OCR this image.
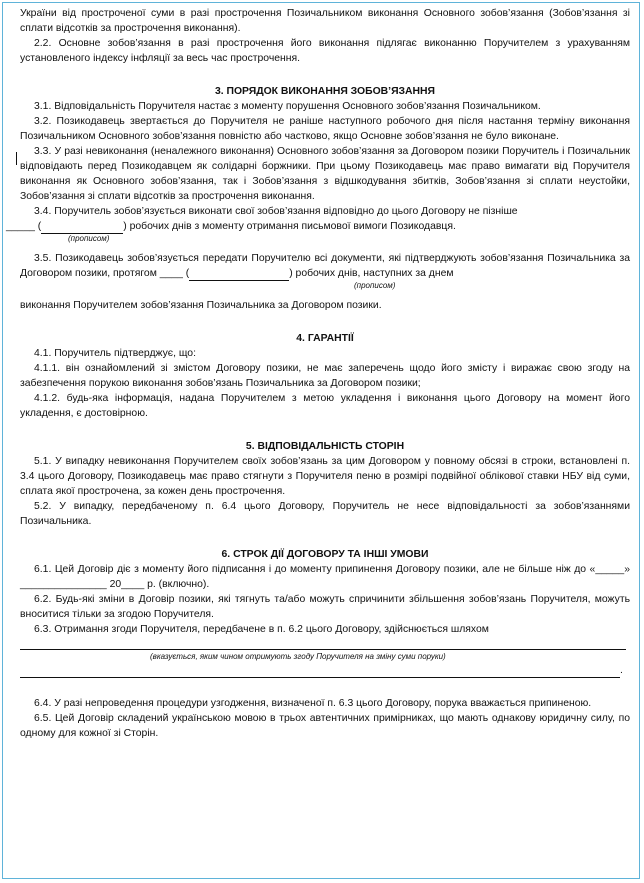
України від простроченої суми в разі прострочення Позичальником виконання Основного зобов’язання (Зобов’язання зі сплати відсотків за прострочення виконання).

2.2. Основне зобов’язання в разі прострочення його виконання підлягає виконанню Поручителем з урахуванням установленого індексу інфляції за весь час прострочення.

3. ПОРЯДОК ВИКОНАННЯ ЗОБОВ’ЯЗАННЯ

3.1. Відповідальність Поручителя настає з моменту порушення Основного зобов’язання Позичальником.

3.2. Позикодавець звертається до Поручителя не раніше наступного робочого дня після настання терміну виконання Позичальником Основного зобов’язання повністю або частково, якщо Основне зобов’язання не було виконане.

3.3. У разі невиконання (неналежного виконання) Основного зобов’язання за Договором позики Поручитель і Позичальник відповідають перед Позикодавцем як солідарні боржники. При цьому Позикодавець має право вимагати від Поручителя виконання як Основного зобов’язання, так і Зобов’язання з відшкодування збитків, Зобов’язання зі сплати неустойки, Зобов’язання зі сплати відсотків за прострочення виконання.

3.4. Поручитель зобов’язується виконати свої зобов’язання відповідно до цього Договору не пізніше
_____ (	) робочих днів з моменту отримання письмової вимоги Позикодавця.

(прописом)

3.5. Позикодавець зобов’язується передати Поручителю всі документи, які підтверджують зобов’язання Позичальника за Договором позики, протягом ____ (	) робочих днів, наступних за днем

(прописом)

виконання Поручителем зобов’язання Позичальника за Договором позики.

4. ГАРАНТІЇ

4.1. Поручитель підтверджує, що:

4.1.1. він ознайомлений зі змістом Договору позики, не має заперечень щодо його змісту і виражає свою згоду на забезпечення порукою виконання зобов’язань Позичальника за Договором позики;

4.1.2. будь-яка інформація, надана Поручителем з метою укладення і виконання цього Договору на момент його укладення, є достовірною.

5. ВІДПОВІДАЛЬНІСТЬ СТОРІН

5.1. У випадку невиконання Поручителем своїх зобов’язань за цим Договором у повному обсязі в строки, встановлені п. 3.4 цього Договору, Позикодавець має право стягнути з Поручителя пеню в розмірі подвійної облікової ставки НБУ від суми, сплата якої прострочена, за кожен день прострочення.

5.2. У випадку, передбаченому п. 6.4 цього Договору, Поручитель не несе відповідальності за зобов’язаннями Позичальника.

6. СТРОК ДІЇ ДОГОВОРУ ТА ІНШІ УМОВИ

6.1. Цей Договір діє з моменту його підписання і до моменту припинення Договору позики, але не більше ніж до «_____» _______________ 20____ р. (включно).

6.2. Будь-які зміни в Договір позики, які тягнуть та/або можуть спричинити збільшення зобов’язань Поручителя, можуть вноситися тільки за згодою Поручителя.

6.3. Отримання згоди Поручителя, передбачене в п. 6.2 цього Договору, здійснюється шляхом

(вказується, яким чином отримують згоду Поручителя на зміну суми поруки)
.

6.4. У разі непроведення процедури узгодження, визначеної п. 6.3 цього Договору, порука вважається припиненою.

6.5. Цей Договір складений українською мовою в трьох автентичних примірниках, що мають однакову юридичну силу, по одному для кожної зі Сторін.
